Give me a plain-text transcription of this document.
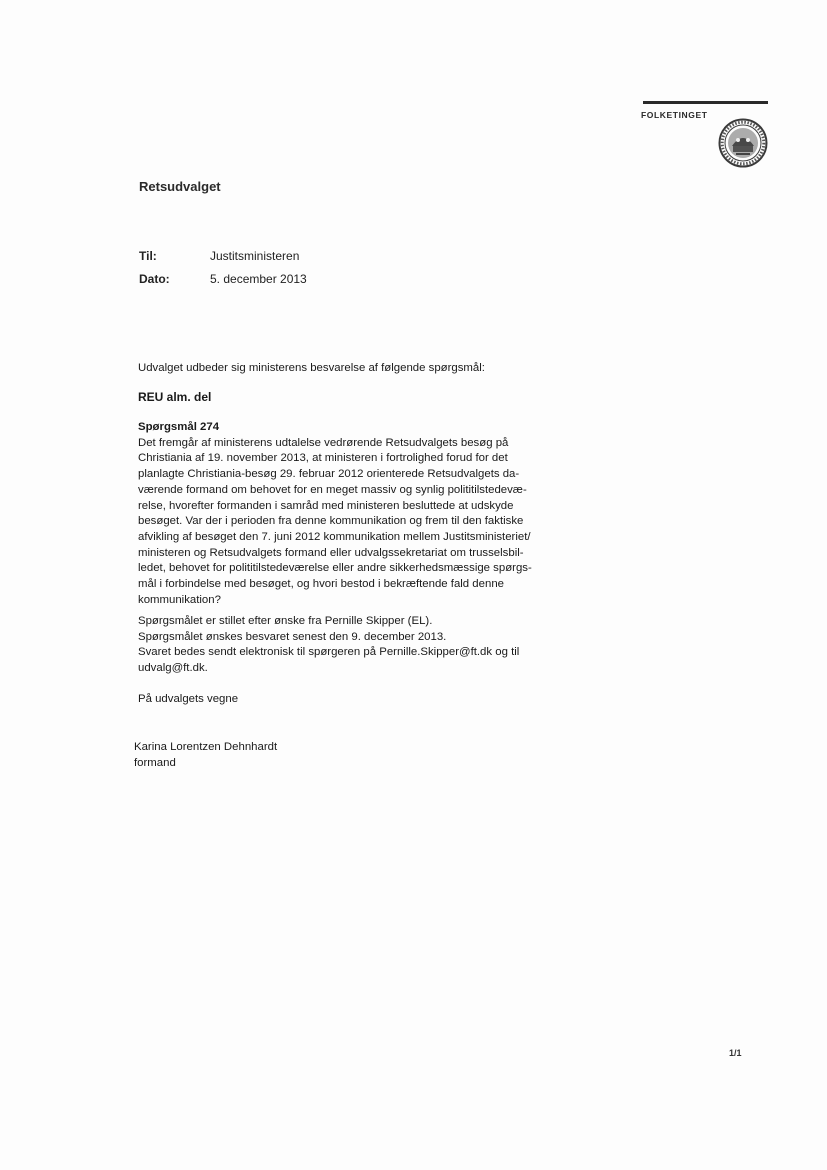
FOLKETINGET
Retsudvalget
Til:	Justitsministeren
Dato:	5. december 2013
Udvalget udbeder sig ministerens besvarelse af følgende spørgsmål:
REU alm. del
Spørgsmål 274
Det fremgår af ministerens udtalelse vedrørende Retsudvalgets besøg på
Christiania af 19. november 2013, at ministeren i fortrolighed forud for det
planlagte Christiania-besøg 29. februar 2012 orienterede Retsudvalgets da-
værende formand om behovet for en meget massiv og synlig polititilstedevæ-
relse, hvorefter formanden i samråd med ministeren besluttede at udskyde
besøget. Var der i perioden fra denne kommunikation og frem til den faktiske
afvikling af besøget den 7. juni 2012 kommunikation mellem Justitsministeriet/
ministeren og Retsudvalgets formand eller udvalgssekretariat om trusselsbil-
ledet, behovet for polititilstedeværelse eller andre sikkerhedsmæssige spørgs-
mål i forbindelse med besøget, og hvori bestod i bekræftende fald denne
kommunikation?
Spørgsmålet er stillet efter ønske fra Pernille Skipper (EL).
Spørgsmålet ønskes besvaret senest den 9. december 2013.
Svaret bedes sendt elektronisk til spørgeren på Pernille.Skipper@ft.dk og til
udvalg@ft.dk.
På udvalgets vegne
Karina Lorentzen Dehnhardt
formand
1/1
